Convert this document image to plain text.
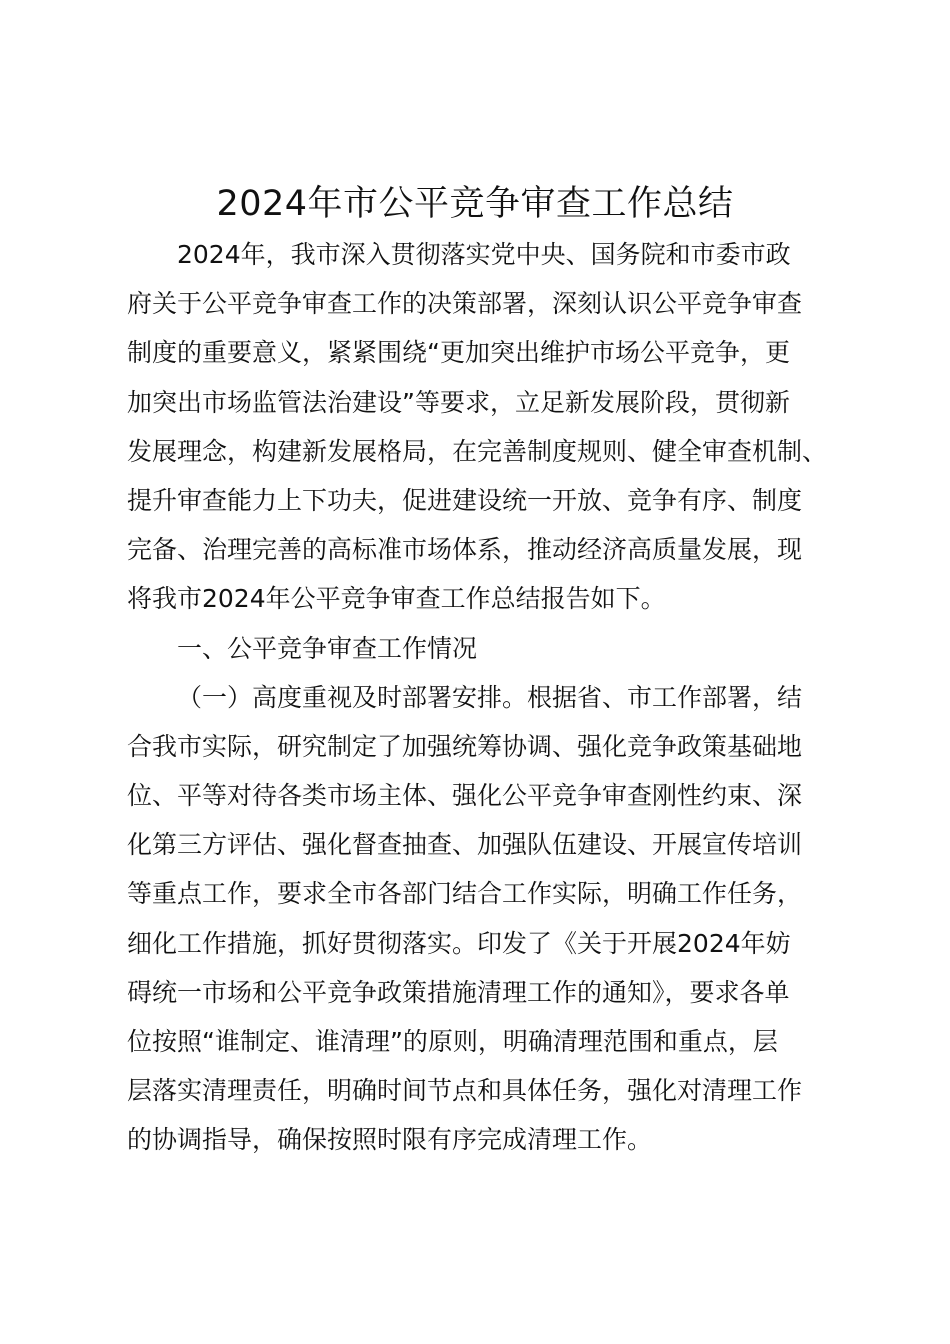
2024年市公平竞争审查工作总结
2024年，我市深入贯彻落实党中央、国务院和市委市政
府关于公平竞争审查工作的决策部署，深刻认识公平竞争审查
制度的重要意义，紧紧围绕“更加突出维护市场公平竞争，更
加突出市场监管法治建设”等要求，立足新发展阶段，贯彻新
发展理念，构建新发展格局，在完善制度规则、健全审查机制、
提升审查能力上下功夫，促进建设统一开放、竞争有序、制度
完备、治理完善的高标准市场体系，推动经济高质量发展，现
将我市2024年公平竞争审查工作总结报告如下。
一、公平竞争审查工作情况
（一）高度重视及时部署安排。根据省、市工作部署，结
合我市实际，研究制定了加强统筹协调、强化竞争政策基础地
位、平等对待各类市场主体、强化公平竞争审查刚性约束、深
化第三方评估、强化督查抽查、加强队伍建设、开展宣传培训
等重点工作，要求全市各部门结合工作实际，明确工作任务，
细化工作措施，抓好贯彻落实。印发了《关于开展2024年妨
碍统一市场和公平竞争政策措施清理工作的通知》，要求各单
位按照“谁制定、谁清理”的原则，明确清理范围和重点，层
层落实清理责任，明确时间节点和具体任务，强化对清理工作
的协调指导，确保按照时限有序完成清理工作。
